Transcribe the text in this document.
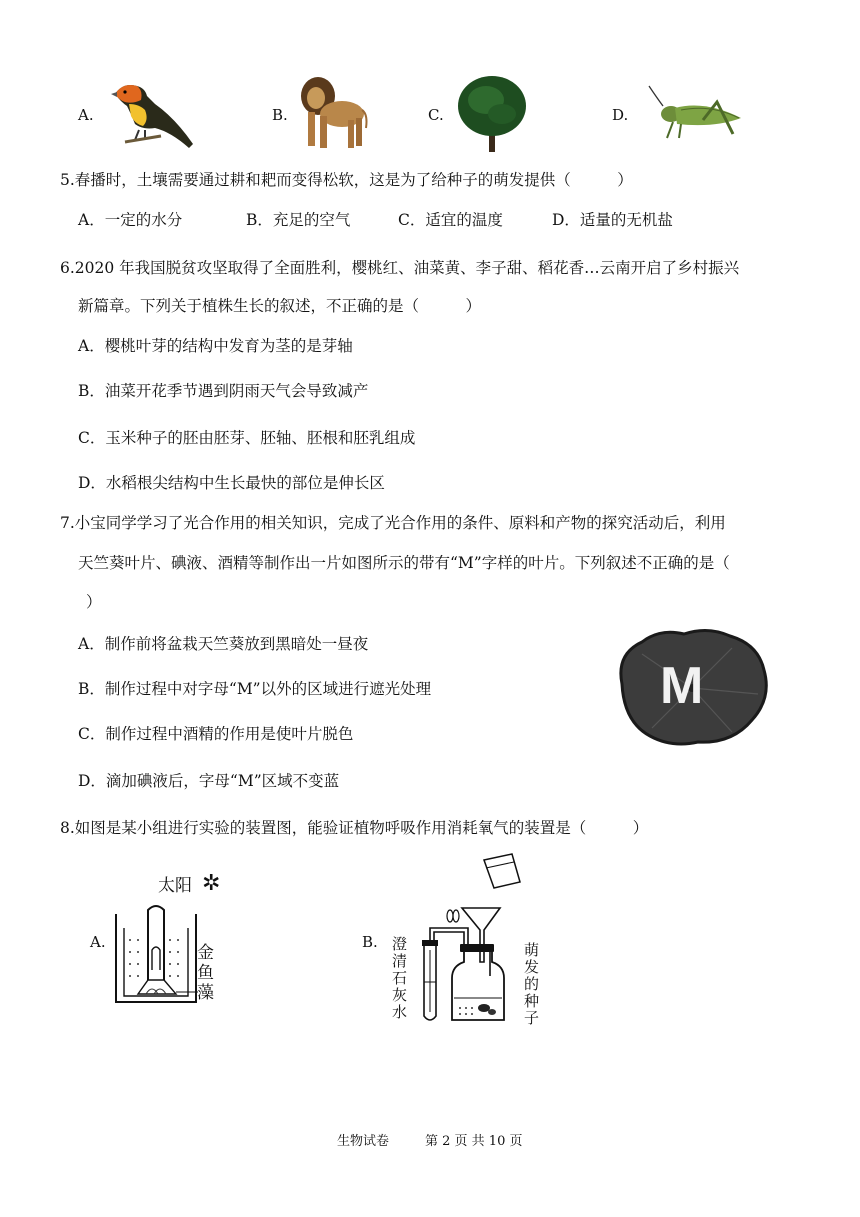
A.	B.	C.	D.
5.春播时，土壤需要通过耕和耙而变得松软，这是为了给种子的萌发提供（　　　）
A．一定的水分	B．充足的空气	C．适宜的温度	D．适量的无机盐
6.2020 年我国脱贫攻坚取得了全面胜利，樱桃红、油菜黄、李子甜、稻花香…云南开启了乡村振兴
新篇章。下列关于植株生长的叙述，不正确的是（　　　）
A．樱桃叶芽的结构中发育为茎的是芽轴
B．油菜开花季节遇到阴雨天气会导致减产
C．玉米种子的胚由胚芽、胚轴、胚根和胚乳组成
D．水稻根尖结构中生长最快的部位是伸长区
7.小宝同学学习了光合作用的相关知识，完成了光合作用的条件、原料和产物的探究活动后，利用
天竺葵叶片、碘液、酒精等制作出一片如图所示的带有“M”字样的叶片。下列叙述不正确的是（
）
A．制作前将盆栽天竺葵放到黑暗处一昼夜
B．制作过程中对字母“M”以外的区域进行遮光处理
C．制作过程中酒精的作用是使叶片脱色
D．滴加碘液后，字母“M”区域不变蓝
M
8.如图是某小组进行实验的装置图，能验证植物呼吸作用消耗氧气的装置是（　　　）
A.
太阳 ✲
金鱼藻
B. 澄清石灰水
萌发的种子
生物试卷	第 2 页 共 10 页
